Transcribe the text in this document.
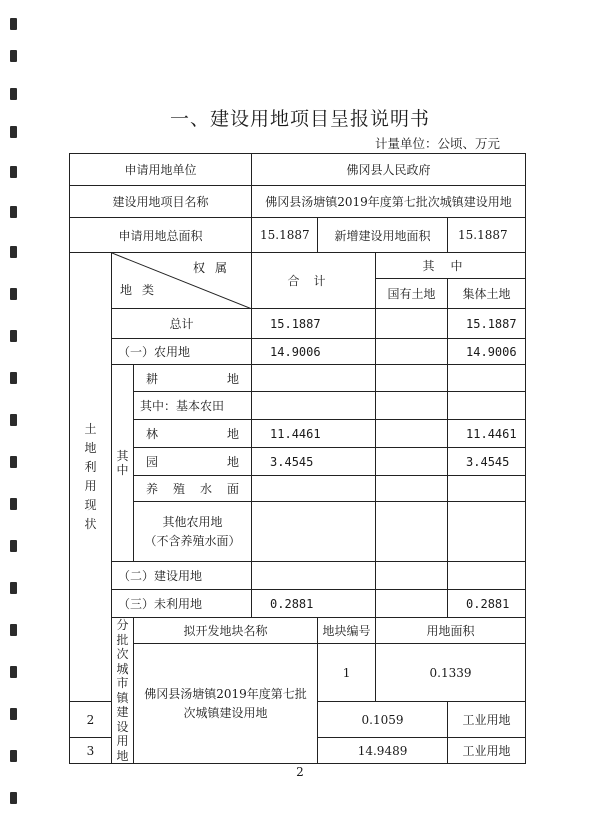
一、建设用地项目呈报说明书
计量单位：公顷、万元
申请用地单位			佛冈县人民政府				
建设用地项目名称			佛冈县汤塘镇2019年度第七批次城镇建设用地				
申请用地总面积			15.1887	新增建设用地面积		15.1887	
土地利用现状	权属
地类		合计		其中		
					国有土地	集体土地	
	总计		15.1887			15.1887	
	（一）农用地		14.9006			14.9006	
	其中	耕地					
		其中：基本农田					
		林地	11.4461			11.4461	
		园地	3.4545			3.4545	
		养殖水面					

		其他农用地
（不含养殖水面）					

	（二）建设用地						
	（三）未利用地		0.2881			0.2881	
	分批次城市镇建设用地	拟开发地块名称		地块编号	用地面积	
		佛冈县汤塘镇2019年度第七批次城镇建设用地		1	0.1339	
2				0.1059		工业用地	
3				14.9489		工业用地	
2
